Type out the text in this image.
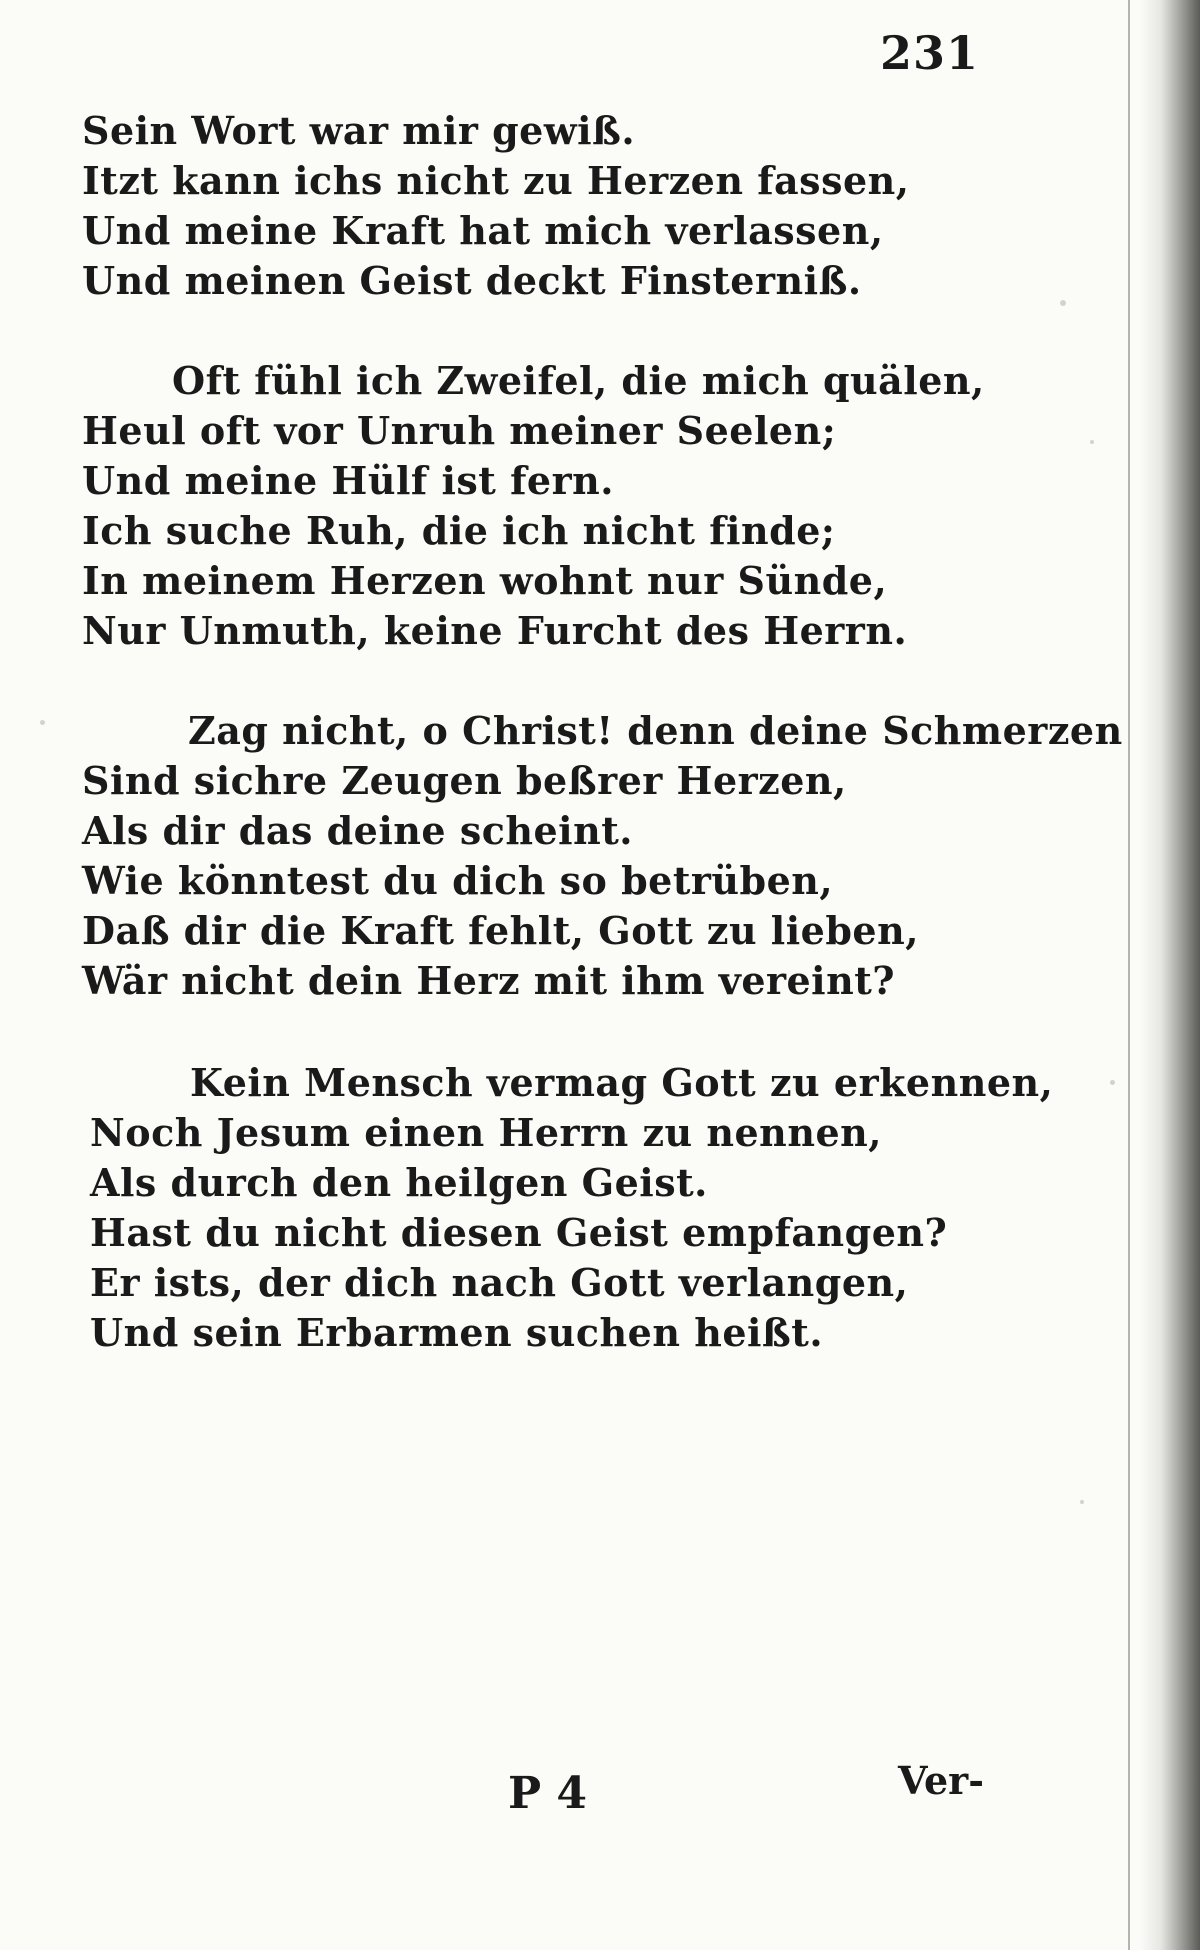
231
Sein Wort war mir gewiß.
Itzt kann ichs nicht zu Herzen fassen,
Und meine Kraft hat mich verlassen,
Und meinen Geist deckt Finsterniß.
Oft fühl ich Zweifel, die mich quälen,
Heul oft vor Unruh meiner Seelen;
Und meine Hülf ist fern.
Ich suche Ruh, die ich nicht finde;
In meinem Herzen wohnt nur Sünde,
Nur Unmuth, keine Furcht des Herrn.
Zag nicht, o Christ! denn deine Schmerzen
Sind sichre Zeugen beßrer Herzen,
Als dir das deine scheint.
Wie könntest du dich so betrüben,
Daß dir die Kraft fehlt, Gott zu lieben,
Wär nicht dein Herz mit ihm vereint?
Kein Mensch vermag Gott zu erkennen,
Noch Jesum einen Herrn zu nennen,
Als durch den heilgen Geist.
Hast du nicht diesen Geist empfangen?
Er ists, der dich nach Gott verlangen,
Und sein Erbarmen suchen heißt.
P 4	Ver-
